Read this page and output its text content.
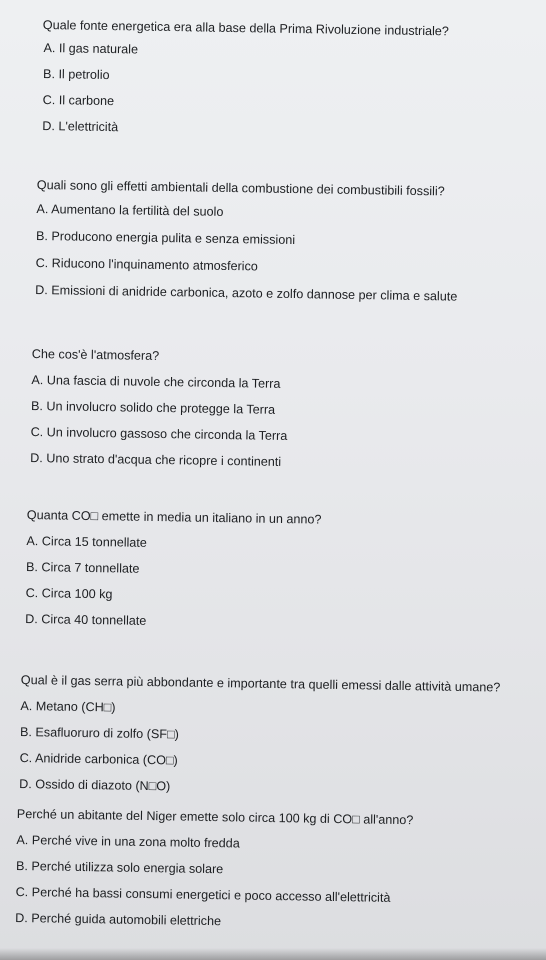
Quale fonte energetica era alla base della Prima Rivoluzione industriale?

A. Il gas naturale

B. Il petrolio

C. Il carbone

D. L'elettricità

Quali sono gli effetti ambientali della combustione dei combustibili fossili?

A. Aumentano la fertilità del suolo

B. Producono energia pulita e senza emissioni

C. Riducono l'inquinamento atmosferico

D. Emissioni di anidride carbonica, azoto e zolfo dannose per clima e salute

Che cos'è l'atmosfera?

A. Una fascia di nuvole che circonda la Terra

B. Un involucro solido che protegge la Terra

C. Un involucro gassoso che circonda la Terra

D. Uno strato d'acqua che ricopre i continenti

Quanta CO□ emette in media un italiano in un anno?

A. Circa 15 tonnellate

B. Circa 7 tonnellate

C. Circa 100 kg

D. Circa 40 tonnellate

Qual è il gas serra più abbondante e importante tra quelli emessi dalle attività umane?

A. Metano (CH□)

B. Esafluoruro di zolfo (SF□)

C. Anidride carbonica (CO□)

D. Ossido di diazoto (N□O)

Perché un abitante del Niger emette solo circa 100 kg di CO□ all'anno?

A. Perché vive in una zona molto fredda

B. Perché utilizza solo energia solare

C. Perché ha bassi consumi energetici e poco accesso all'elettricità

D. Perché guida automobili elettriche
